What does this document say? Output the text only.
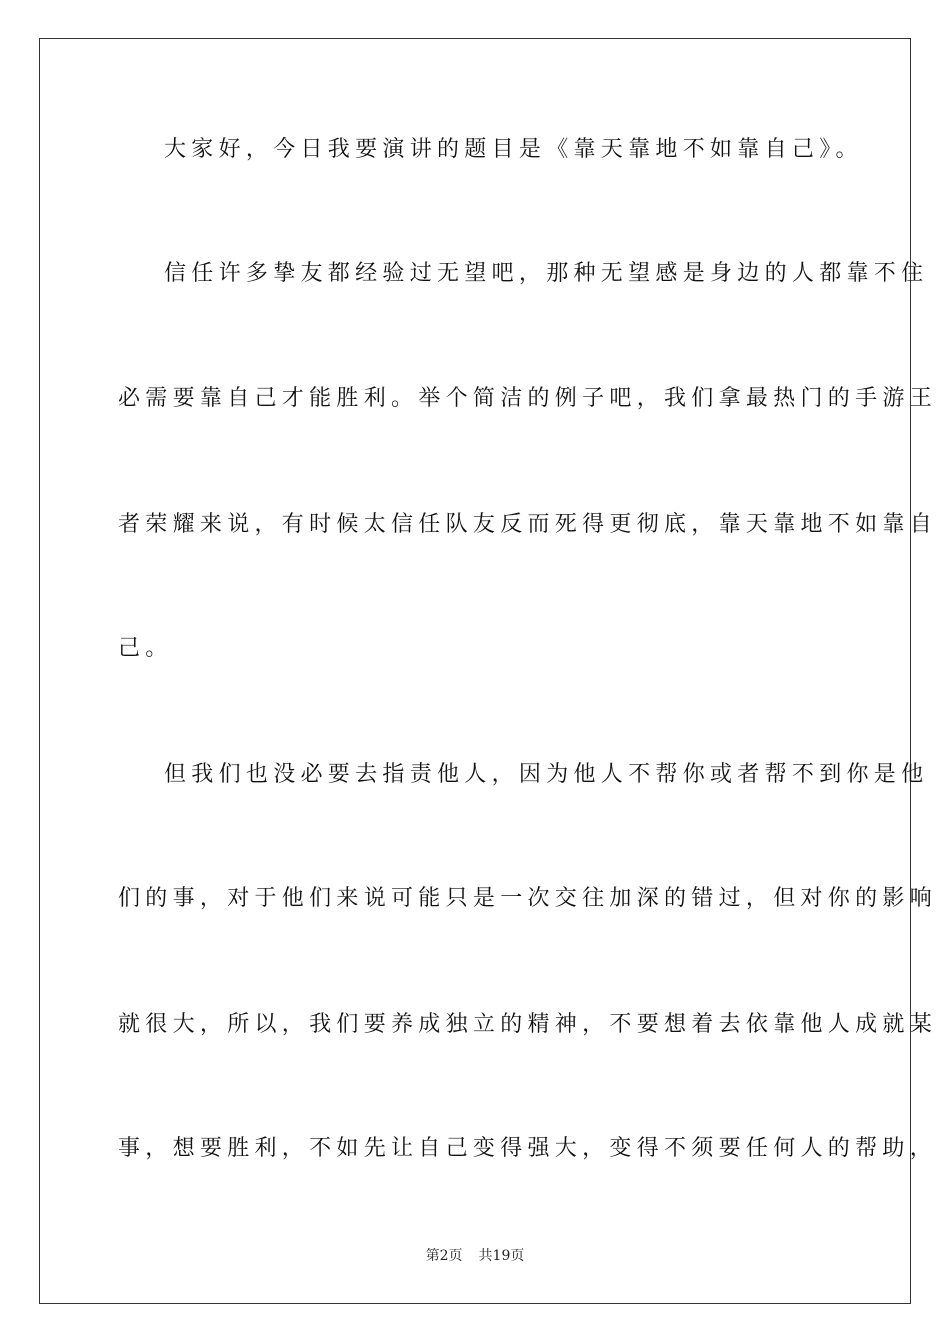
大家好，今日我要演讲的题目是《靠天靠地不如靠自己》。
信任许多挚友都经验过无望吧，那种无望感是身边的人都靠不住
必需要靠自己才能胜利。举个简洁的例子吧，我们拿最热门的手游王
者荣耀来说，有时候太信任队友反而死得更彻底，靠天靠地不如靠自
己。
但我们也没必要去指责他人，因为他人不帮你或者帮不到你是他
们的事，对于他们来说可能只是一次交往加深的错过，但对你的影响
就很大，所以，我们要养成独立的精神，不要想着去依靠他人成就某
事，想要胜利，不如先让自己变得强大，变得不须要任何人的帮助，
第2页 共19页
